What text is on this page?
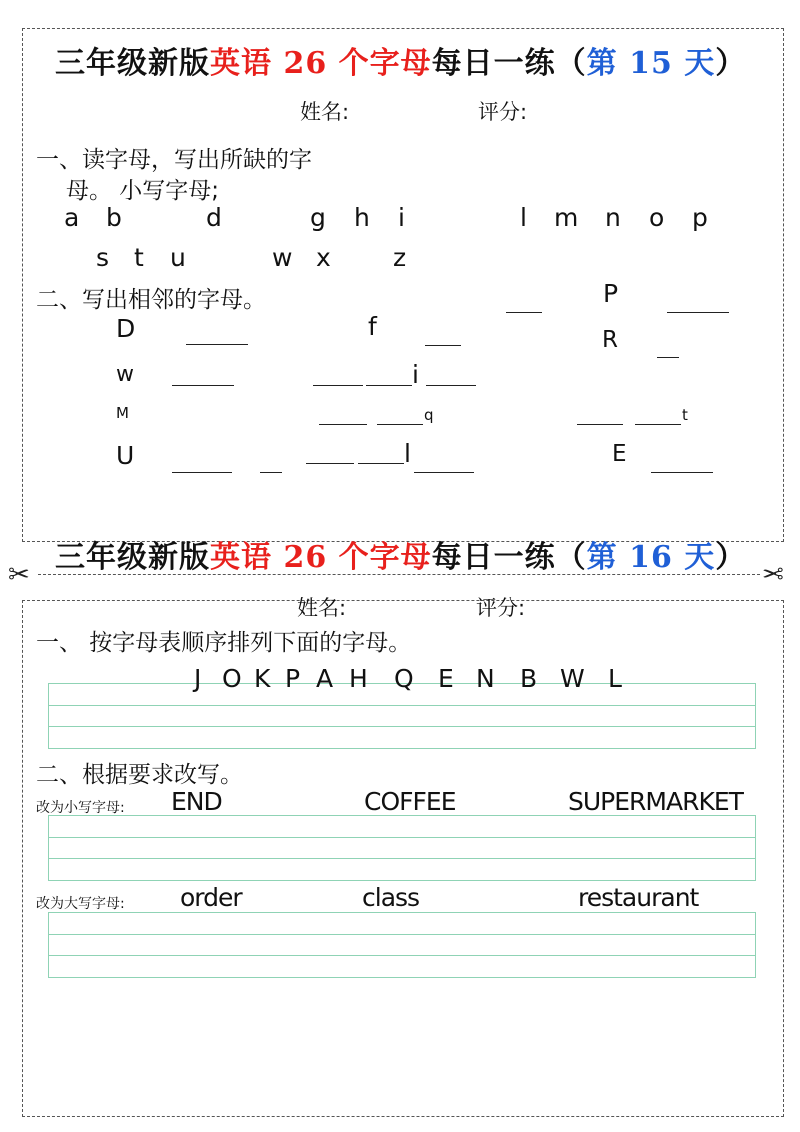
三年级新版英语 26 个字母每日一练（第 15 天）
姓名:	评分:
一、读字母，写出所缺的字
母。 小写字母;
a b	d	g h i	l m n o p
s t u	w x z
二、写出相邻的字母。	P
D	f	R
w	i
M	q	t
U	l	E
✂	✂
三年级新版英语 26 个字母每日一练（第 16 天）
姓名:	评分:
一、 按字母表顺序排列下面的字母。
J O K P A H Q E N B W L
二、根据要求改写。
改为小写字母: END	COFFEE	SUPERMARKET
改为大写字母: order	class	restaurant
